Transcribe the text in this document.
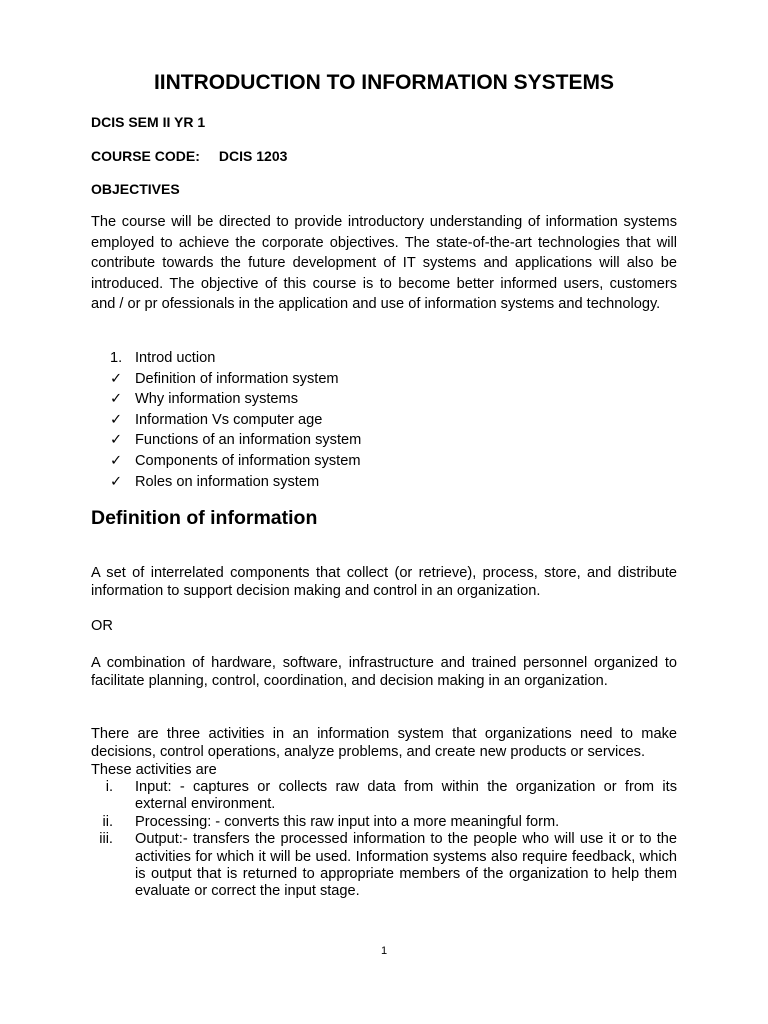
IINTRODUCTION TO INFORMATION SYSTEMS
DCIS SEM II YR 1
COURSE CODE: DCIS 1203
OBJECTIVES

The course will be directed to provide introductory understanding of information systems employed to achieve the corporate objectives. The state-of-the-art technologies that will contribute towards the future development of IT systems and applications will also be introduced. The objective of this course is to become better informed users, customers and / or pr ofessionals in the application and use of information systems and technology.

1. Introd uction
✓ Definition of information system
✓ Why information systems
✓ Information Vs computer age
✓ Functions of an information system
✓ Components of information system
✓ Roles on information system
Definition of information

A set of interrelated components that collect (or retrieve), process, store, and distribute information to support decision making and control in an organization.

OR

A combination of hardware, software, infrastructure and trained personnel organized to facilitate planning, control, coordination, and decision making in an organization.

There are three activities in an information system that organizations need to make decisions, control operations, analyze problems, and create new products or services.

These activities are

i. Input: - captures or collects raw data from within the organization or from its external environment.
ii. Processing: - converts this raw input into a more meaningful form.
iii. Output:- transfers the processed information to the people who will use it or to the activities for which it will be used. Information systems also require feedback, which is output that is returned to appropriate members of the organization to help them evaluate or correct the input stage.
1
